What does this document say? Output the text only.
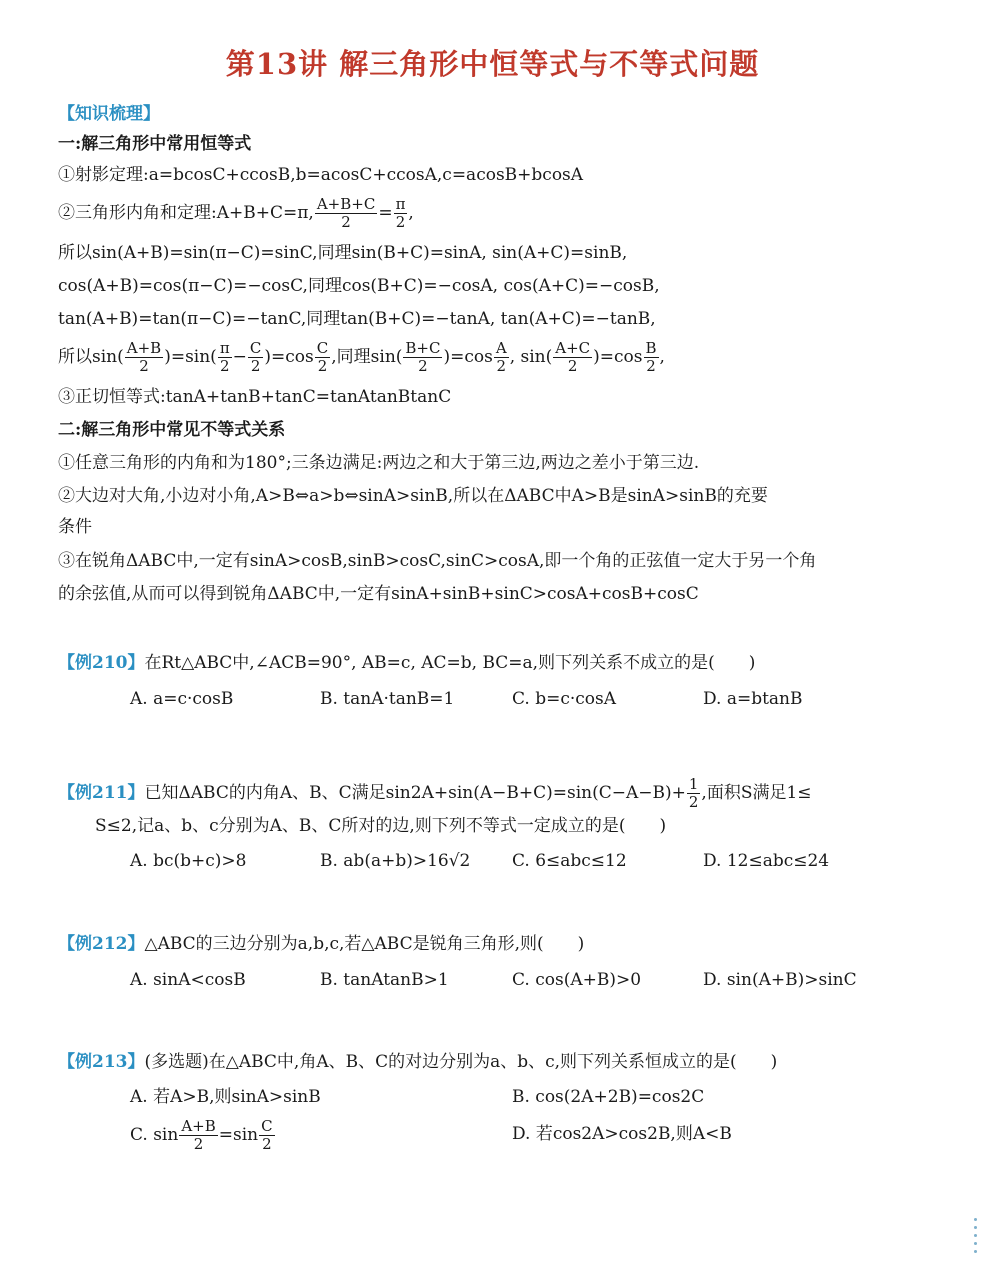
第13讲 解三角形中恒等式与不等式问题
【知识梳理】
一:解三角形中常用恒等式
①射影定理:a=bcosC+ccosB,b=acosC+ccosA,c=acosB+bcosA
②三角形内角和定理:A+B+C=π, $\frac{A+B+C}{2} = \frac{\pi}{2}$ ,
所以sin(A+B)=sin(π−C)=sinC,同理sin(B+C)=sinA, sin(A+C)=sinB,
cos(A+B)=cos(π−C)=−cosC,同理cos(B+C)=−cosA, cos(A+C)=−cosB,
tan(A+B)=tan(π−C)=−tanC,同理tan(B+C)=−tanA, tan(A+C)=−tanB,
所以$\sin( \frac{A+B}{2} )=\sin( \frac{\pi}{2} - \frac{C}{2} )=\cos \frac{C}{2}$ ,同理$\sin( \frac{B+C}{2} )=\cos \frac{A}{2}$ , $\sin( \frac{A+C}{2} )=\cos \frac{B}{2}$ ,
③正切恒等式:tanA+tanB+tanC=tanAtanBtanC
二:解三角形中常见不等式关系
①任意三角形的内角和为180°;三条边满足:两边之和大于第三边,两边之差小于第三边.
②大边对大角,小边对小角,A>B⇔a>b⇔sinA>sinB,所以在ΔABC中A>B是sinA>sinB的充要
条件
③在锐角ΔABC中,一定有sinA>cosB,sinB>cosC,sinC>cosA,即一个角的正弦值一定大于另一个角
的余弦值,从而可以得到锐角ΔABC中,一定有sinA+sinB+sinC>cosA+cosB+cosC
【例210】在Rt△ABC中,∠ACB=90°, AB=c, AC=b, BC=a,则下列关系不成立的是(　　)
A. a=c·cosB	B. tanA·tanB=1	C. b=c·cosA	D. a=btanB
【例211】已知ΔABC的内角A、B、C满足$\sin 2A+\sin(A-B+C)=\sin(C-A-B)+ \frac{1}{2}$ ,面积S满足1≤
S≤2,记a、b、c分别为A、B、C所对的边,则下列不等式一定成立的是(　　)
A. bc(b+c)>8	B. ab(a+b)>16√2 C. 6≤abc≤12	D. 12≤abc≤24
【例212】△ABC的三边分别为a,b,c,若△ABC是锐角三角形,则(　　)
A. sinA<cosB	B. tanAtanB>1	C. cos(A+B)>0	D. sin(A+B)>sinC
【例213】(多选题)在△ABC中,角A、B、C的对边分别为a、b、c,则下列关系恒成立的是(　　)
A. 若A>B,则sinA>sinB	B. cos(2A+2B)=cos2C
C. $\sin \frac{A+B}{2} =\sin \frac{C}{2}$	D. 若cos2A>cos2B,则A<B
